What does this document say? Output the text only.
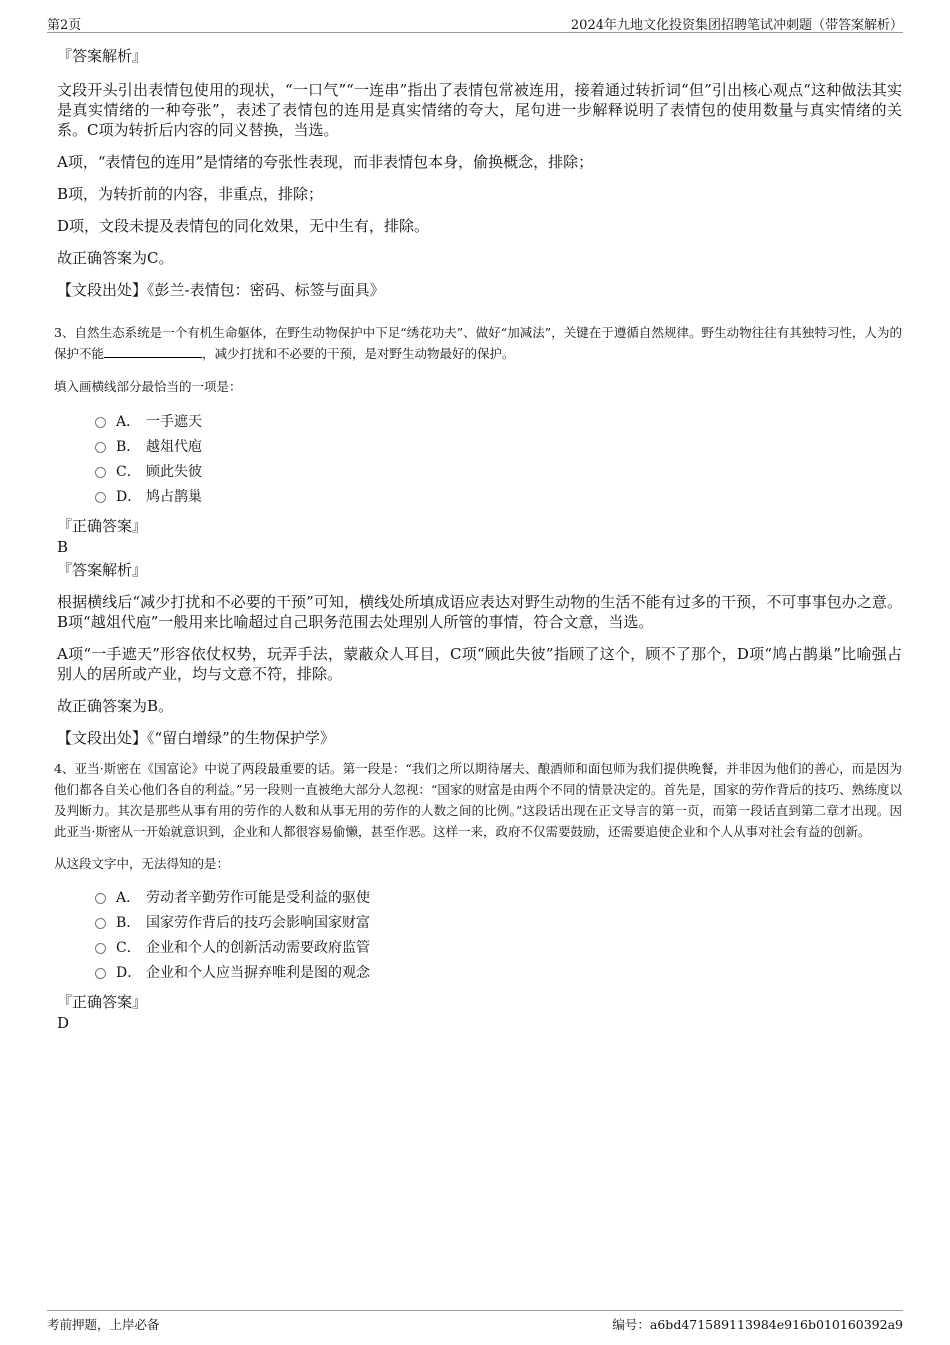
第2页	2024年九地文化投资集团招聘笔试冲刺题（带答案解析）

『答案解析』

文段开头引出表情包使用的现状，“一口气”“一连串”指出了表情包常被连用，接着通过转折词“但”引出核心观点“这种做法其实是真实情绪的一种夸张”，表述了表情包的连用是真实情绪的夸大，尾句进一步解释说明了表情包的使用数量与真实情绪的关系。C项为转折后内容的同义替换，当选。

A项，“表情包的连用”是情绪的夸张性表现，而非表情包本身，偷换概念，排除；

B项，为转折前的内容，非重点，排除；

D项，文段未提及表情包的同化效果，无中生有，排除。

故正确答案为C。

【文段出处】《彭兰-表情包：密码、标签与面具》

3、自然生态系统是一个有机生命躯体，在野生动物保护中下足“绣花功夫”、做好“加减法”，关键在于遵循自然规律。野生动物往往有其独特习性，人为的保护不能	，减少打扰和不必要的干预，是对野生动物最好的保护。

填入画横线部分最恰当的一项是：

A． 一手遮天
B． 越俎代庖
C． 顾此失彼
D． 鸠占鹊巢

『正确答案』

B

『答案解析』

根据横线后“减少打扰和不必要的干预”可知，横线处所填成语应表达对野生动物的生活不能有过多的干预，不可事事包办之意。B项“越俎代庖”一般用来比喻超过自己职务范围去处理别人所管的事情，符合文意，当选。

A项“一手遮天”形容依仗权势，玩弄手法，蒙蔽众人耳目，C项“顾此失彼”指顾了这个，顾不了那个，D项“鸠占鹊巢”比喻强占别人的居所或产业，均与文意不符，排除。

故正确答案为B。

【文段出处】《“留白增绿”的生物保护学》

4、亚当·斯密在《国富论》中说了两段最重要的话。第一段是：“我们之所以期待屠夫、酿酒师和面包师为我们提供晚餐，并非因为他们的善心，而是因为他们都各自关心他们各自的利益。”另一段则一直被绝大部分人忽视：“国家的财富是由两个不同的情景决定的。首先是，国家的劳作背后的技巧、熟练度以及判断力。其次是那些从事有用的劳作的人数和从事无用的劳作的人数之间的比例。”这段话出现在正文导言的第一页，而第一段话直到第二章才出现。因此亚当·斯密从一开始就意识到，企业和人都很容易偷懒，甚至作恶。这样一来，政府不仅需要鼓励，还需要追使企业和个人从事对社会有益的创新。

从这段文字中，无法得知的是：

A． 劳动者辛勤劳作可能是受利益的驱使
B． 国家劳作背后的技巧会影响国家财富
C． 企业和个人的创新活动需要政府监管
D． 企业和个人应当摒弃唯利是图的观念

『正确答案』

D

考前押题，上岸必备	编号：a6bd471589113984e916b010160392a9
